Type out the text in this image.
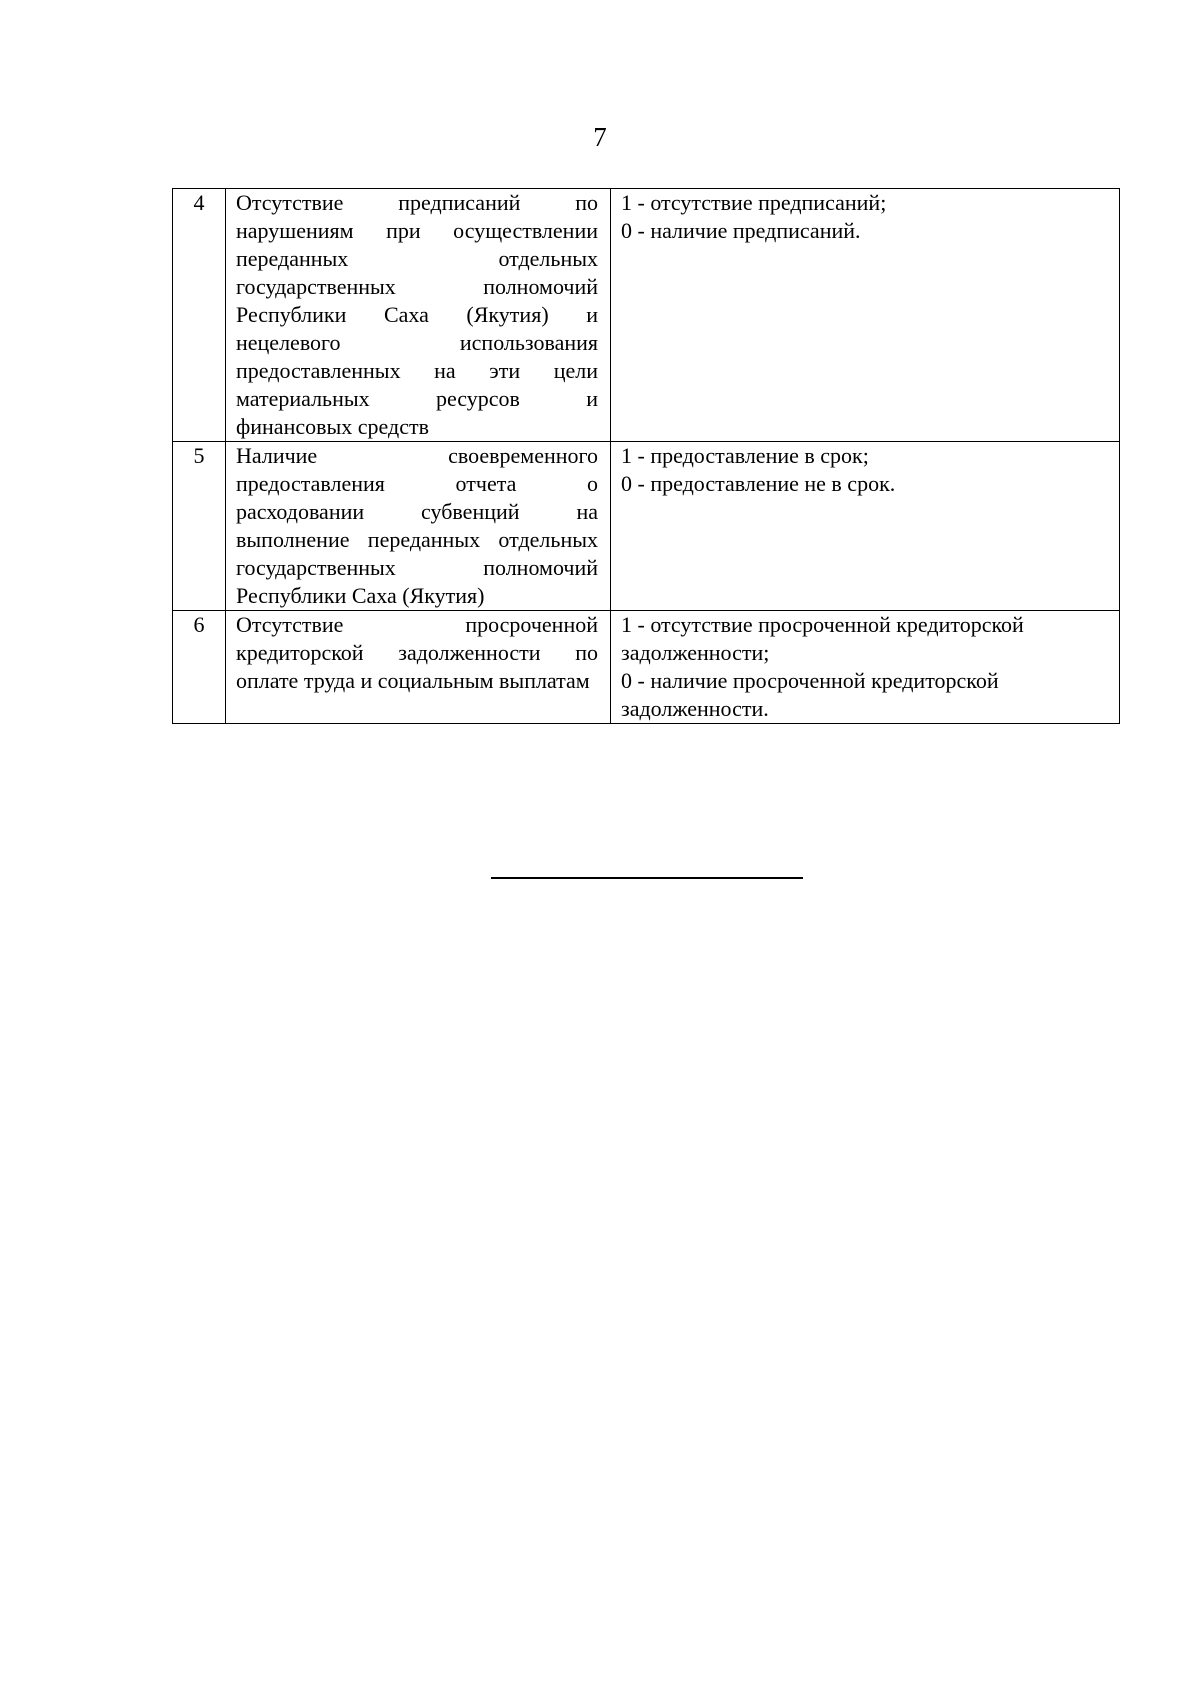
7
4	Отсутствие предписаний по нарушениям при осуществлении переданных отдельных государственных полномочий Республики Саха (Якутия) и нецелевого использования предоставленных на эти цели материальных ресурсов и финансовых средств	1 - отсутствие предписаний;
0 - наличие предписаний.

5	Наличие своевременного предоставления отчета о расходовании субвенций на выполнение переданных отдельных государственных полномочий Республики Саха (Якутия)	1 - предоставление в срок;
0 - предоставление не в срок.

6	Отсутствие просроченной кредиторской задолженности по оплате труда и социальным выплатам	1 - отсутствие просроченной кредиторской задолженности;
0 - наличие просроченной кредиторской задолженности.
